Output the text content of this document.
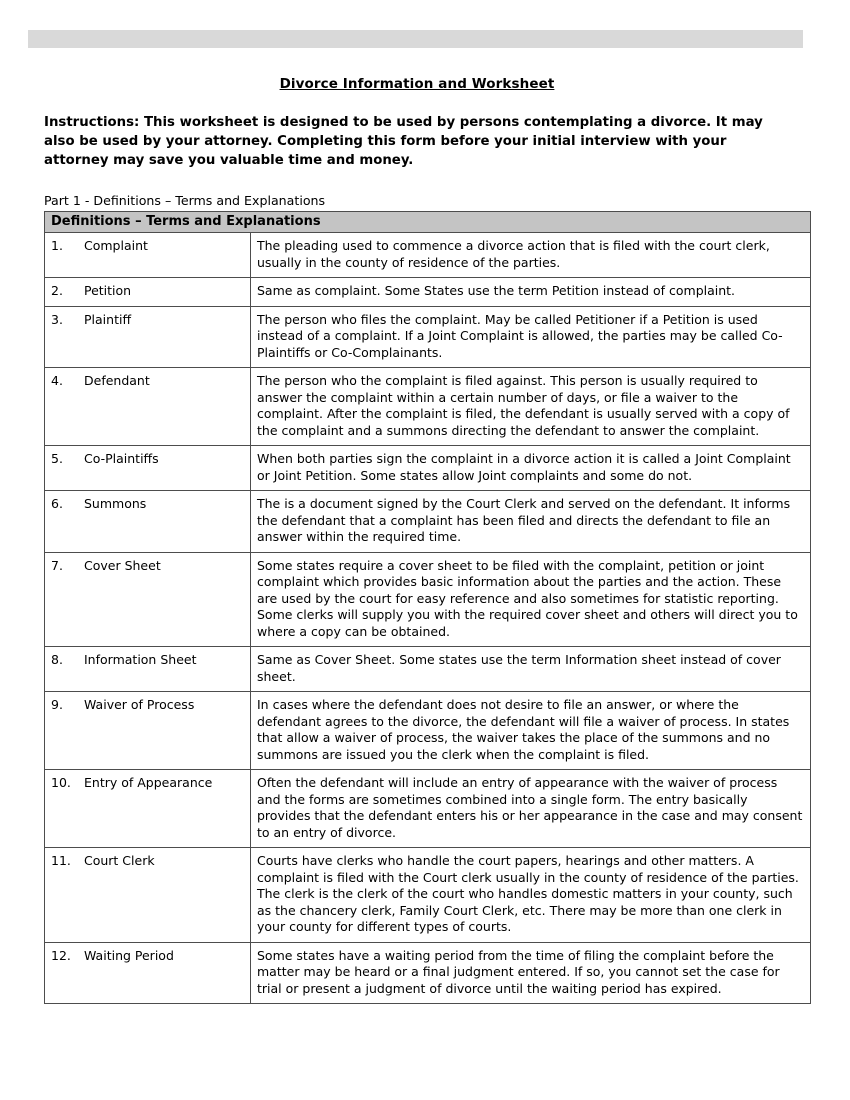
Divorce Information and Worksheet

Instructions: This worksheet is designed to be used by persons contemplating a divorce. It may also be used by your attorney. Completing this form before your initial interview with your attorney may save you valuable time and money.

Part 1 - Definitions – Terms and Explanations

Definitions – Terms and Explanations	

1. Complaint	The pleading used to commence a divorce action that is filed with the court clerk, usually in the county of residence of the parties.

2. Petition	Same as complaint. Some States use the term Petition instead of complaint.

3. Plaintiff	The person who files the complaint. May be called Petitioner if a Petition is used instead of a complaint. If a Joint Complaint is allowed, the parties may be called Co-Plaintiffs or Co-Complainants.

4. Defendant	The person who the complaint is filed against. This person is usually required to answer the complaint within a certain number of days, or file a waiver to the complaint. After the complaint is filed, the defendant is usually served with a copy of the complaint and a summons directing the defendant to answer the complaint.

5. Co-Plaintiffs	When both parties sign the complaint in a divorce action it is called a Joint Complaint or Joint Petition. Some states allow Joint complaints and some do not.

6. Summons	The is a document signed by the Court Clerk and served on the defendant. It informs the defendant that a complaint has been filed and directs the defendant to file an answer within the required time.

7. Cover Sheet	Some states require a cover sheet to be filed with the complaint, petition or joint complaint which provides basic information about the parties and the action. These are used by the court for easy reference and also sometimes for statistic reporting. Some clerks will supply you with the required cover sheet and others will direct you to where a copy can be obtained.

8. Information Sheet	Same as Cover Sheet. Some states use the term Information sheet instead of cover sheet.

9. Waiver of Process	In cases where the defendant does not desire to file an answer, or where the defendant agrees to the divorce, the defendant will file a waiver of process. In states that allow a waiver of process, the waiver takes the place of the summons and no summons are issued you the clerk when the complaint is filed.

10. Entry of Appearance	Often the defendant will include an entry of appearance with the waiver of process and the forms are sometimes combined into a single form. The entry basically provides that the defendant enters his or her appearance in the case and may consent to an entry of divorce.

11. Court Clerk	Courts have clerks who handle the court papers, hearings and other matters. A complaint is filed with the Court clerk usually in the county of residence of the parties. The clerk is the clerk of the court who handles domestic matters in your county, such as the chancery clerk, Family Court Clerk, etc. There may be more than one clerk in your county for different types of courts.

12. Waiting Period	Some states have a waiting period from the time of filing the complaint before the matter may be heard or a final judgment entered. If so, you cannot set the case for trial or present a judgment of divorce until the waiting period has expired.
